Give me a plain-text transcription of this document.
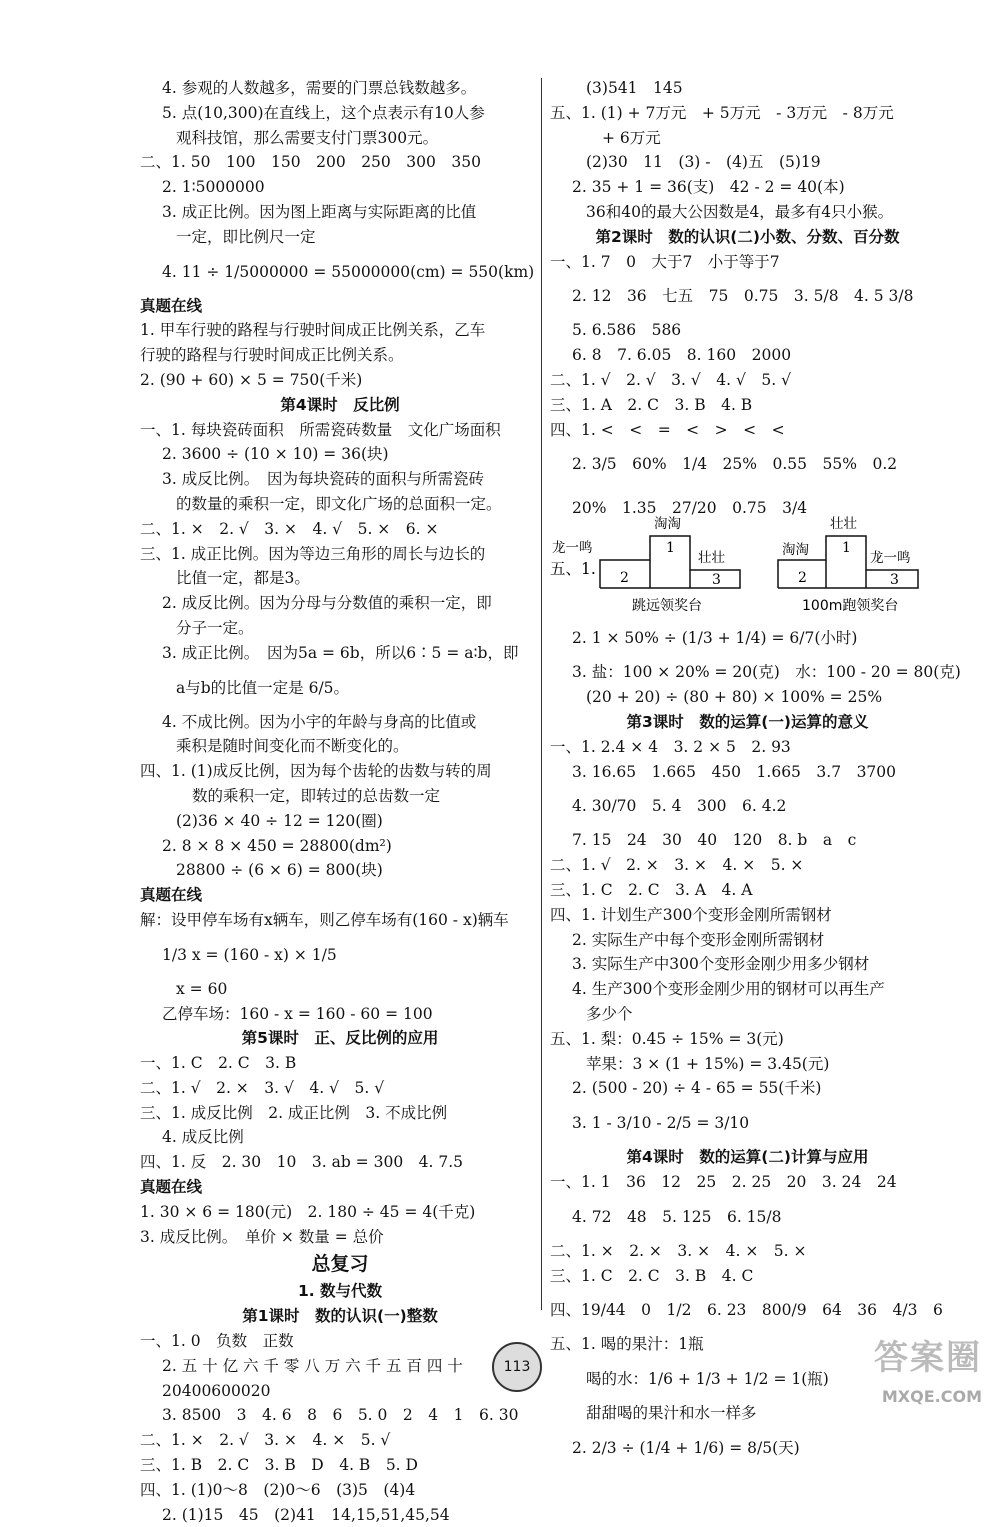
4. 参观的人数越多，需要的门票总钱数越多。
5. 点(10,300)在直线上，这个点表示有10人参
观科技馆，那么需要支付门票300元。
二、1. 50　100　150　200　250　300　350
2. 1∶5000000
3. 成正比例。因为图上距离与实际距离的比值
一定，即比例尺一定
4. 11 ÷ 1/5000000 = 55000000(cm) = 550(km)
真题在线
1. 甲车行驶的路程与行驶时间成正比例关系，乙车
行驶的路程与行驶时间成正比例关系。
2. (90 + 60) × 5 = 750(千米)
第4课时　反比例
一、1. 每块瓷砖面积　所需瓷砖数量　文化广场面积
2. 3600 ÷ (10 × 10) = 36(块)
3. 成反比例。　因为每块瓷砖的面积与所需瓷砖
的数量的乘积一定，即文化广场的总面积一定。
二、1. ×　2. √　3. ×　4. √　5. ×　6. ×
三、1. 成正比例。因为等边三角形的周长与边长的
比值一定，都是3。
2. 成反比例。因为分母与分数值的乘积一定，即
分子一定。
3. 成正比例。　因为5a = 6b，所以6∶5 = a∶b，即
a与b的比值一定是 6/5。
4. 不成比例。因为小宇的年龄与身高的比值或
乘积是随时间变化而不断变化的。
四、1. (1)成反比例，因为每个齿轮的齿数与转的周
数的乘积一定，即转过的总齿数一定
(2)36 × 40 ÷ 12 = 120(圈)
2. 8 × 8 × 450 = 28800(dm²)
28800 ÷ (6 × 6) = 800(块)
真题在线
解：设甲停车场有x辆车，则乙停车场有(160 - x)辆车
1/3 x = (160 - x) × 1/5
x = 60
乙停车场：160 - x = 160 - 60 = 100
第5课时　正、反比例的应用
一、1. C　2. C　3. B
二、1. √　2. ×　3. √　4. √　5. √
三、1. 成反比例　2. 成正比例　3. 不成比例
4. 成反比例
四、1. 反　2. 30　10　3. ab = 300　4. 7.5
真题在线
1. 30 × 6 = 180(元)　2. 180 ÷ 45 = 4(千克)
3. 成反比例。　单价 × 数量 = 总价
总复习
1. 数与代数
第1课时　数的认识(一)整数
一、1. 0　负数　正数
2. 五 十 亿 六 千 零 八 万 六 千 五 百 四 十
20400600020
3. 8500　3　4. 6　8　6　5. 0　2　4　1　6. 30
二、1. ×　2. √　3. ×　4. ×　5. √
三、1. B　2. C　3. B　D　4. B　5. D
四、1. (1)0～8　(2)0～6　(3)5　(4)4
2. (1)15　45　(2)41　14,15,51,45,54
(3)541　145
五、1. (1) + 7万元　+ 5万元　- 3万元　- 8万元
+ 6万元
(2)30　11　(3) -　(4)五　(5)19
2. 35 + 1 = 36(支)　42 - 2 = 40(本)
36和40的最大公因数是4，最多有4只小猴。
第2课时　数的认识(二)小数、分数、百分数
一、1. 7　0　大于7　小于等于7
2. 12　36　七五　75　0.75　3. 5/8　4. 5 3/8
5. 6.586　586
6. 8　7. 6.05　8. 160　2000
二、1. √　2. √　3. √　4. √　5. √
三、1. A　2. C　3. B　4. B
四、1. <　<　=　<　>　<　<
2. 3/5　60%　1/4　25%　0.55　55%　0.2
20%　1.35　27/20　0.75　3/4
五、1.
淘淘
龙一鸣
壮壮
1
2	3
跳远领奖台
壮壮
淘淘	龙一鸣
1
2	3
100m跑领奖台
2. 1 × 50% ÷ (1/3 + 1/4) = 6/7(小时)
3. 盐：100 × 20% = 20(克)　水：100 - 20 = 80(克)
(20 + 20) ÷ (80 + 80) × 100% = 25%
第3课时　数的运算(一)运算的意义
一、1. 2.4 × 4　3. 2 × 5　2. 93
3. 16.65　1.665　450　1.665　3.7　3700
4. 30/70　5. 4　300　6. 4.2
7. 15　24　30　40　120　8. b　a　c
二、1. √　2. ×　3. ×　4. ×　5. ×
三、1. C　2. C　3. A　4. A
四、1. 计划生产300个变形金刚所需钢材
2. 实际生产中每个变形金刚所需钢材
3. 实际生产中300个变形金刚少用多少钢材
4. 生产300个变形金刚少用的钢材可以再生产
多少个
五、1. 梨：0.45 ÷ 15% = 3(元)
苹果：3 × (1 + 15%) = 3.45(元)
2. (500 - 20) ÷ 4 - 65 = 55(千米)
3. 1 - 3/10 - 2/5 = 3/10
第4课时　数的运算(二)计算与应用
一、1. 1　36　12　25　2. 25　20　3. 24　24
4. 72　48　5. 125　6. 15/8
二、1. ×　2. ×　3. ×　4. ×　5. ×
三、1. C　2. C　3. B　4. C
四、19/44　0　1/2　6. 23　800/9　64　36　4/3　6
五、1. 喝的果汁：1瓶
喝的水：1/6 + 1/3 + 1/2 = 1(瓶)
甜甜喝的果汁和水一样多
2. 2/3 ÷ (1/4 + 1/6) = 8/5(天)
113	答案圈
MXQE.COM
